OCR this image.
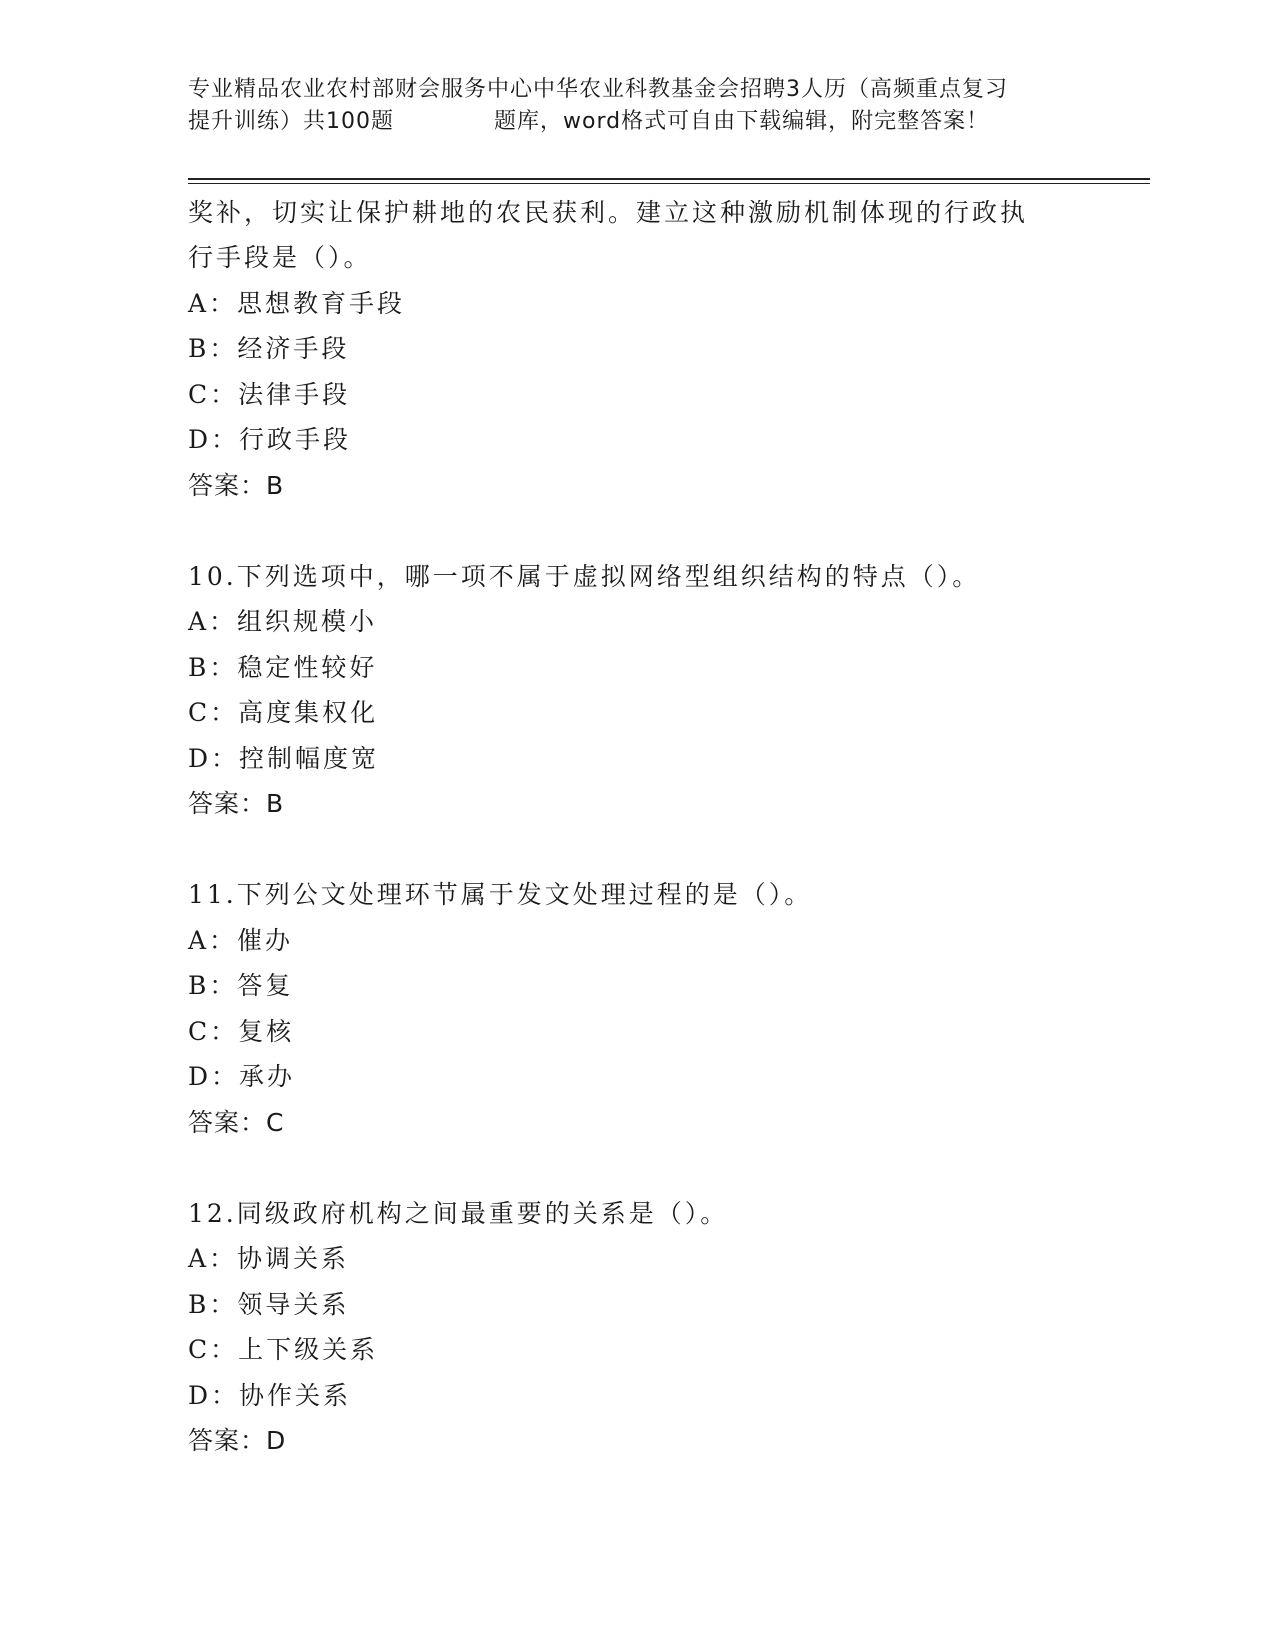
专业精品农业农村部财会服务中心中华农业科教基金会招聘3人历（高频重点复习
提升训练）共100题	题库，word格式可自由下载编辑，附完整答案！
奖补，切实让保护耕地的农民获利。建立这种激励机制体现的行政执
行手段是（）。
A：思想教育手段
B：经济手段
C：法律手段
D：行政手段
答案：B
10.下列选项中，哪一项不属于虚拟网络型组织结构的特点（）。
A：组织规模小
B：稳定性较好
C：高度集权化
D：控制幅度宽
答案：B
11.下列公文处理环节属于发文处理过程的是（）。
A：催办
B：答复
C：复核
D：承办
答案：C
12.同级政府机构之间最重要的关系是（）。
A：协调关系
B：领导关系
C：上下级关系
D：协作关系
答案：D
